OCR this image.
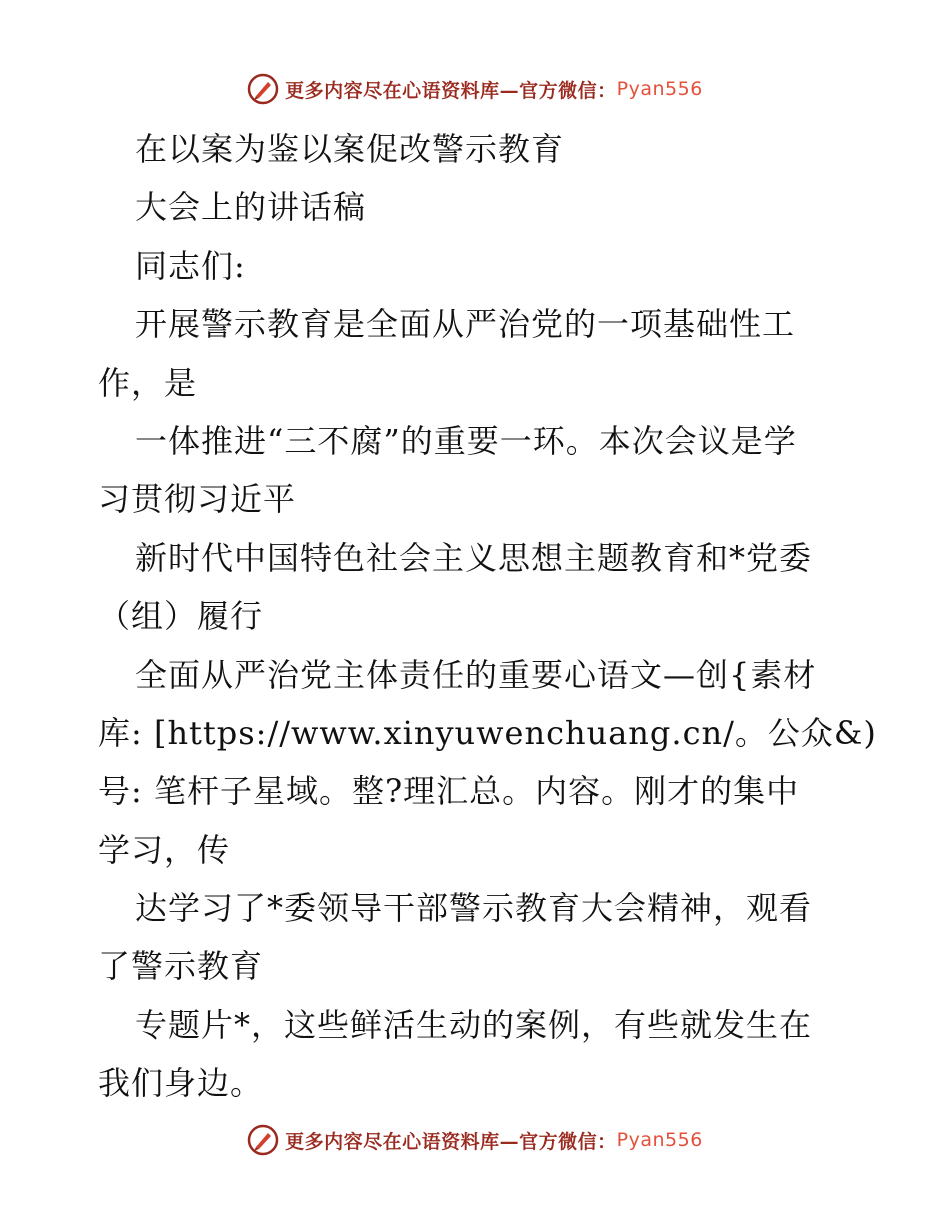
更多内容尽在心语资料库—官方微信： Pyan556
在以案为鉴以案促改警示教育
大会上的讲话稿
同志们:
开展警示教育是全面从严治党的一项基础性工
作，是
一体推进“三不腐”的重要一环。本次会议是学
习贯彻习近平
新时代中国特色社会主义思想主题教育和*党委
（组）履行
全面从严治党主体责任的重要心语文—创{素材
库: [https://www.xinyuwenchuang.cn/。公众&)
号: 笔杆子星域。整?理汇总。内容。刚才的集中
学习，传
达学习了*委领导干部警示教育大会精神，观看
了警示教育
专题片*，这些鲜活生动的案例，有些就发生在
我们身边。
更多内容尽在心语资料库—官方微信： Pyan556
